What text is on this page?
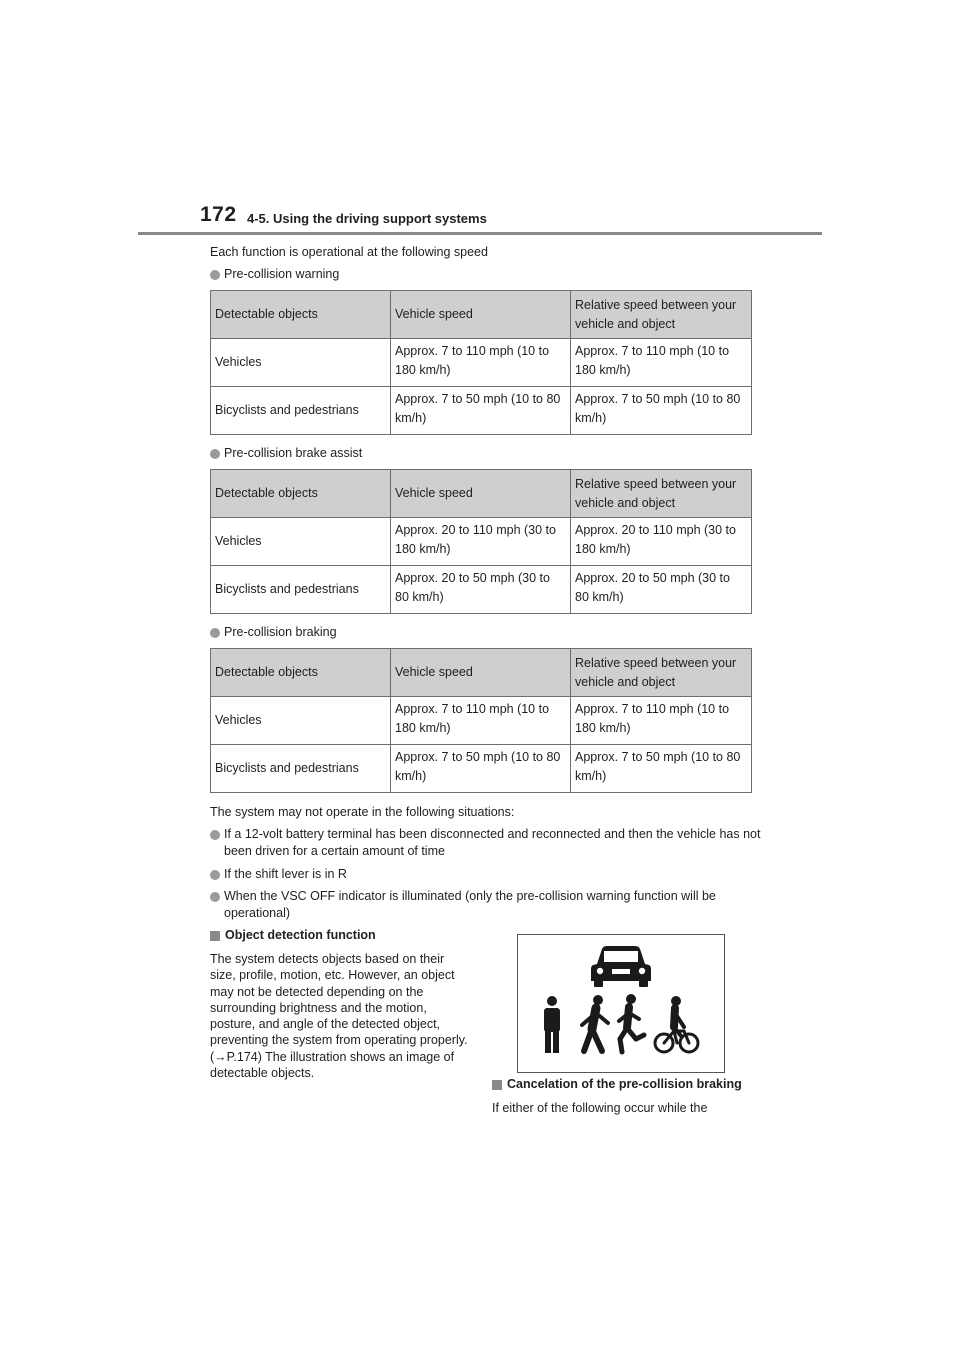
172 4-5. Using the driving support systems
Each function is operational at the following speed
Pre-collision warning
Detectable objects	Vehicle speed	Relative speed between your vehicle and object
Vehicles	Approx. 7 to 110 mph (10 to 180 km/h)	Approx. 7 to 110 mph (10 to 180 km/h)
Bicyclists and pedestrians	Approx. 7 to 50 mph (10 to 80 km/h)	Approx. 7 to 50 mph (10 to 80 km/h)
Pre-collision brake assist
Detectable objects	Vehicle speed	Relative speed between your vehicle and object
Vehicles	Approx. 20 to 110 mph (30 to 180 km/h)	Approx. 20 to 110 mph (30 to 180 km/h)
Bicyclists and pedestrians	Approx. 20 to 50 mph (30 to 80 km/h)	Approx. 20 to 50 mph (30 to 80 km/h)
Pre-collision braking
Detectable objects	Vehicle speed	Relative speed between your vehicle and object
Vehicles	Approx. 7 to 110 mph (10 to 180 km/h)	Approx. 7 to 110 mph (10 to 180 km/h)
Bicyclists and pedestrians	Approx. 7 to 50 mph (10 to 80 km/h)	Approx. 7 to 50 mph (10 to 80 km/h)
The system may not operate in the following situations:
If a 12-volt battery terminal has been disconnected and reconnected and then the vehicle has not been driven for a certain amount of time
If the shift lever is in R
When the VSC OFF indicator is illuminated (only the pre-collision warning function will be operational)
Object detection function
The system detects objects based on their size, profile, motion, etc. However, an object may not be detected depending on the surrounding brightness and the motion, posture, and angle of the detected object, preventing the system from operating properly. (→P.174) The illustration shows an image of detectable objects.
Cancelation of the pre-collision braking
If either of the following occur while the
